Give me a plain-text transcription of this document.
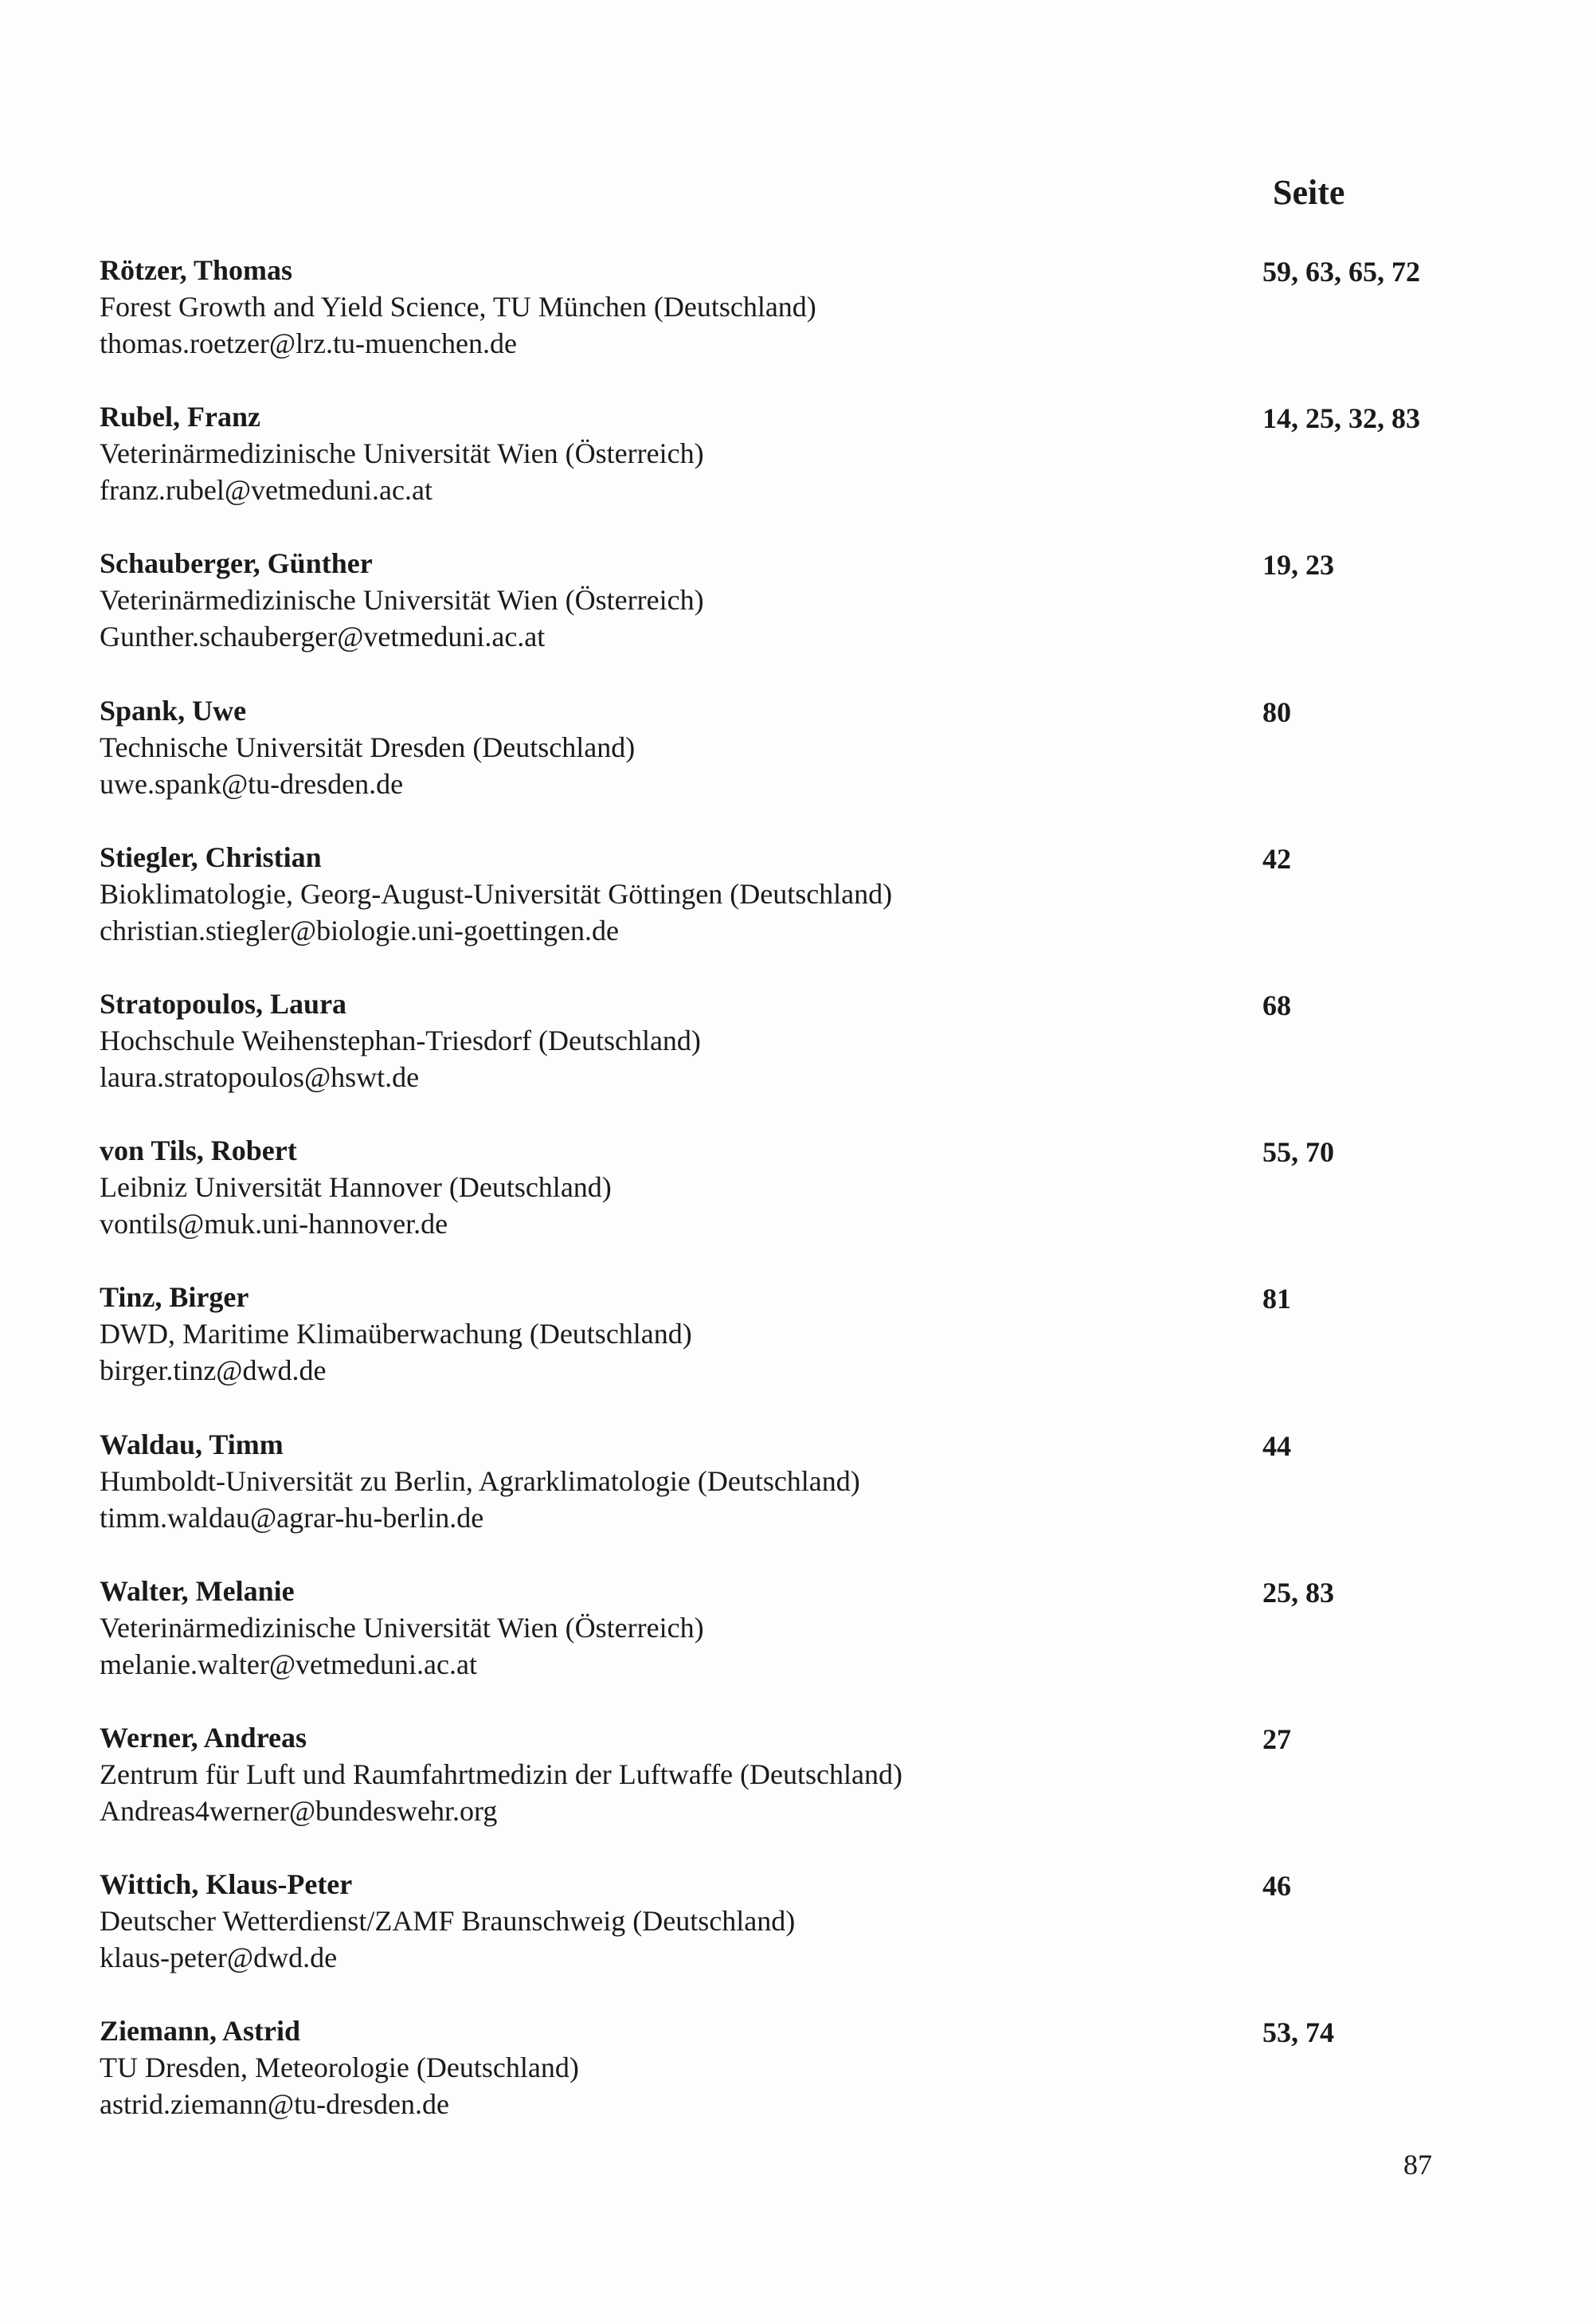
Seite
Rötzer, Thomas	59, 63, 65, 72
Forest Growth and Yield Science, TU München (Deutschland)
thomas.roetzer@lrz.tu-muenchen.de
Rubel, Franz	14, 25, 32, 83
Veterinärmedizinische Universität Wien (Österreich)
franz.rubel@vetmeduni.ac.at
Schauberger, Günther	19, 23
Veterinärmedizinische Universität Wien (Österreich)
Gunther.schauberger@vetmeduni.ac.at
Spank, Uwe	80
Technische Universität Dresden (Deutschland)
uwe.spank@tu-dresden.de
Stiegler, Christian	42
Bioklimatologie, Georg-August-Universität Göttingen (Deutschland)
christian.stiegler@biologie.uni-goettingen.de
Stratopoulos, Laura	68
Hochschule Weihenstephan-Triesdorf (Deutschland)
laura.stratopoulos@hswt.de
von Tils, Robert	55, 70
Leibniz Universität Hannover (Deutschland)
vontils@muk.uni-hannover.de
Tinz, Birger	81
DWD, Maritime Klimaüberwachung (Deutschland)
birger.tinz@dwd.de
Waldau, Timm	44
Humboldt-Universität zu Berlin, Agrarklimatologie (Deutschland)
timm.waldau@agrar-hu-berlin.de
Walter, Melanie	25, 83
Veterinärmedizinische Universität Wien (Österreich)
melanie.walter@vetmeduni.ac.at
Werner, Andreas	27
Zentrum für Luft und Raumfahrtmedizin der Luftwaffe (Deutschland)
Andreas4werner@bundeswehr.org
Wittich, Klaus-Peter	46
Deutscher Wetterdienst/ZAMF Braunschweig (Deutschland)
klaus-peter@dwd.de
Ziemann, Astrid	53, 74
TU Dresden, Meteorologie (Deutschland)
astrid.ziemann@tu-dresden.de
87
